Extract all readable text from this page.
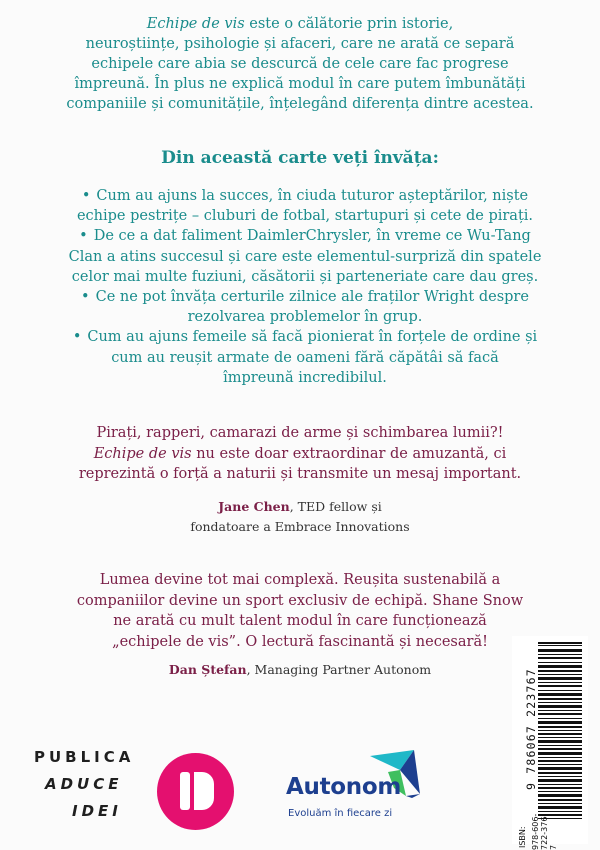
Echipe de vis este o călătorie prin istorie,
neuroștiințe, psihologie și afaceri, care ne arată ce separă
echipele care abia se descurcă de cele care fac progrese
împreună. În plus ne explică modul în care putem îmbunătăți
companiile și comunitățile, înțelegând diferența dintre acestea.
Din această carte veți învăța:
• Cum au ajuns la succes, în ciuda tuturor așteptărilor, niște
echipe pestrițe – cluburi de fotbal, startupuri și cete de pirați.
• De ce a dat faliment DaimlerChrysler, în vreme ce Wu-Tang
Clan a atins succesul și care este elementul-surpriză din spatele
celor mai multe fuziuni, căsătorii și parteneriate care dau greș.
• Ce ne pot învăța certurile zilnice ale fraților Wright despre
rezolvarea problemelor în grup.
• Cum au ajuns femeile să facă pionierat în forțele de ordine și
cum au reușit armate de oameni fără căpătâi să facă
împreună incredibilul.
Pirați, rapperi, camarazi de arme și schimbarea lumii?!
Echipe de vis nu este doar extraordinar de amuzantă, ci
reprezintă o forță a naturii și transmite un mesaj important.
Jane Chen, TED fellow și
fondatoare a Embrace Innovations
Lumea devine tot mai complexă. Reușita sustenabilă a
companiilor devine un sport exclusiv de echipă. Shane Snow
ne arată cu mult talent modul în care funcționează
„echipele de vis”. O lectură fascinantă și necesară!
Dan Ștefan, Managing Partner Autonom
PUBLICA
ADUCE
IDEI
Autonom
Evoluăm în fiecare zi
9 786067 223767
ISBN: 978-606-722-376-7
